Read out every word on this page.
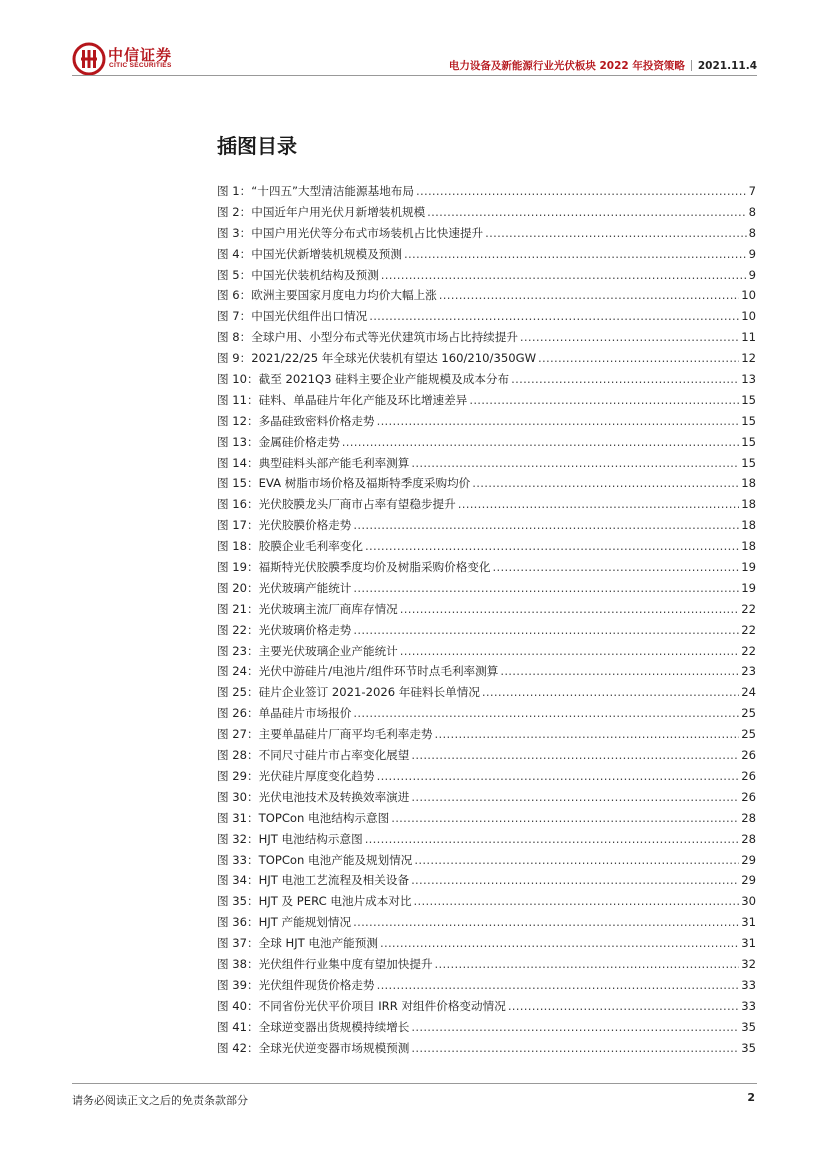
中信证券
CITIC SECURITIES	电力设备及新能源行业光伏板块 2022 年投资策略 2021.11.4
插图目录
图 1：“十四五”大型清洁能源基地布局 .....	7
图 2：中国近年户用光伏月新增装机规模 .....	8
图 3：中国户用光伏等分布式市场装机占比快速提升 .....	8
图 4：中国光伏新增装机规模及预测 .....	9
图 5：中国光伏装机结构及预测 .....	9
图 6：欧洲主要国家月度电力均价大幅上涨 .....	10
图 7：中国光伏组件出口情况 .....	10
图 8：全球户用、小型分布式等光伏建筑市场占比持续提升 .....	11
图 9：2021/22/25 年全球光伏装机有望达 160/210/350GW .....	12
图 10：截至 2021Q3 硅料主要企业产能规模及成本分布 .....	13
图 11：硅料、单晶硅片年化产能及环比增速差异 .....	15
图 12：多晶硅致密料价格走势 .....	15
图 13：金属硅价格走势 .....	15
图 14：典型硅料头部产能毛利率测算 .....	15
图 15：EVA 树脂市场价格及福斯特季度采购均价 .....	18
图 16：光伏胶膜龙头厂商市占率有望稳步提升 .....	18
图 17：光伏胶膜价格走势 .....	18
图 18：胶膜企业毛利率变化 .....	18
图 19：福斯特光伏胶膜季度均价及树脂采购价格变化 .....	19
图 20：光伏玻璃产能统计 .....	19
图 21：光伏玻璃主流厂商库存情况 .....	22
图 22：光伏玻璃价格走势 .....	22
图 23：主要光伏玻璃企业产能统计 .....	22
图 24：光伏中游硅片/电池片/组件环节时点毛利率测算 .....	23
图 25：硅片企业签订 2021-2026 年硅料长单情况 .....	24
图 26：单晶硅片市场报价 .....	25
图 27：主要单晶硅片厂商平均毛利率走势 .....	25
图 28：不同尺寸硅片市占率变化展望 .....	26
图 29：光伏硅片厚度变化趋势 .....	26
图 30：光伏电池技术及转换效率演进 .....	26
图 31：TOPCon 电池结构示意图 .....	28
图 32：HJT 电池结构示意图 .....	28
图 33：TOPCon 电池产能及规划情况 .....	29
图 34：HJT 电池工艺流程及相关设备 .....	29
图 35：HJT 及 PERC 电池片成本对比 .....	30
图 36：HJT 产能规划情况 .....	31
图 37：全球 HJT 电池产能预测 .....	31
图 38：光伏组件行业集中度有望加快提升 .....	32
图 39：光伏组件现货价格走势 .....	33
图 40：不同省份光伏平价项目 IRR 对组件价格变动情况 .....	33
图 41：全球逆变器出货规模持续增长 .....	35
图 42：全球光伏逆变器市场规模预测 .....	35
请务必阅读正文之后的免责条款部分	2
